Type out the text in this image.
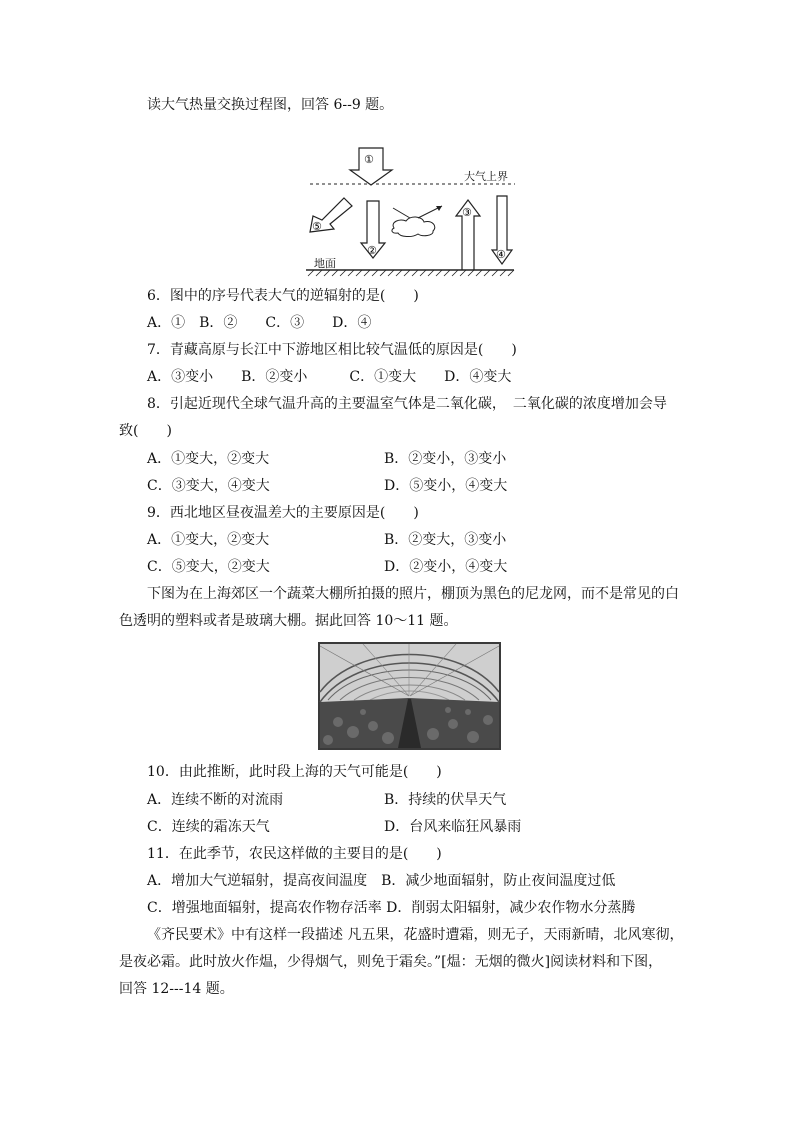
读大气热量交换过程图，回答 6--9 题。
大气上界
①
⑤
②
③
④
地面
6．图中的序号代表大气的逆辐射的是(　　)
A．①　B．②　　C．③　　D．④
7．青藏高原与长江中下游地区相比较气温低的原因是(　　)
A．③变小　　B．②变小　　　C．①变大　　D．④变大
8．引起近现代全球气温升高的主要温室气体是二氧化碳，　二氧化碳的浓度增加会导
致(　　)
A．①变大，②变大	B．②变小，③变小
C．③变大，④变大	D．⑤变小，④变大
9．西北地区昼夜温差大的主要原因是(　　)
A．①变大，②变大	B．②变大，③变小
C．⑤变大，②变大	D．②变小，④变大
下图为在上海郊区一个蔬菜大棚所拍摄的照片，棚顶为黑色的尼龙网，而不是常见的白
色透明的塑料或者是玻璃大棚。据此回答 10～11 题。
10．由此推断，此时段上海的天气可能是(　　)
A．连续不断的对流雨	B．持续的伏旱天气
C．连续的霜冻天气	D．台风来临狂风暴雨
11．在此季节，农民这样做的主要目的是(　　)
A．增加大气逆辐射，提高夜间温度　B．减少地面辐射，防止夜间温度过低
C．增强地面辐射，提高农作物存活率 D．削弱太阳辐射，减少农作物水分蒸腾
《齐民要术》中有这样一段描述 凡五果，花盛时遭霜，则无子，天雨新晴，北风寒彻，
是夜必霜。此时放火作煴，少得烟气，则免于霜矣。”[煴：无烟的微火]阅读材料和下图，
回答 12---14 题。
